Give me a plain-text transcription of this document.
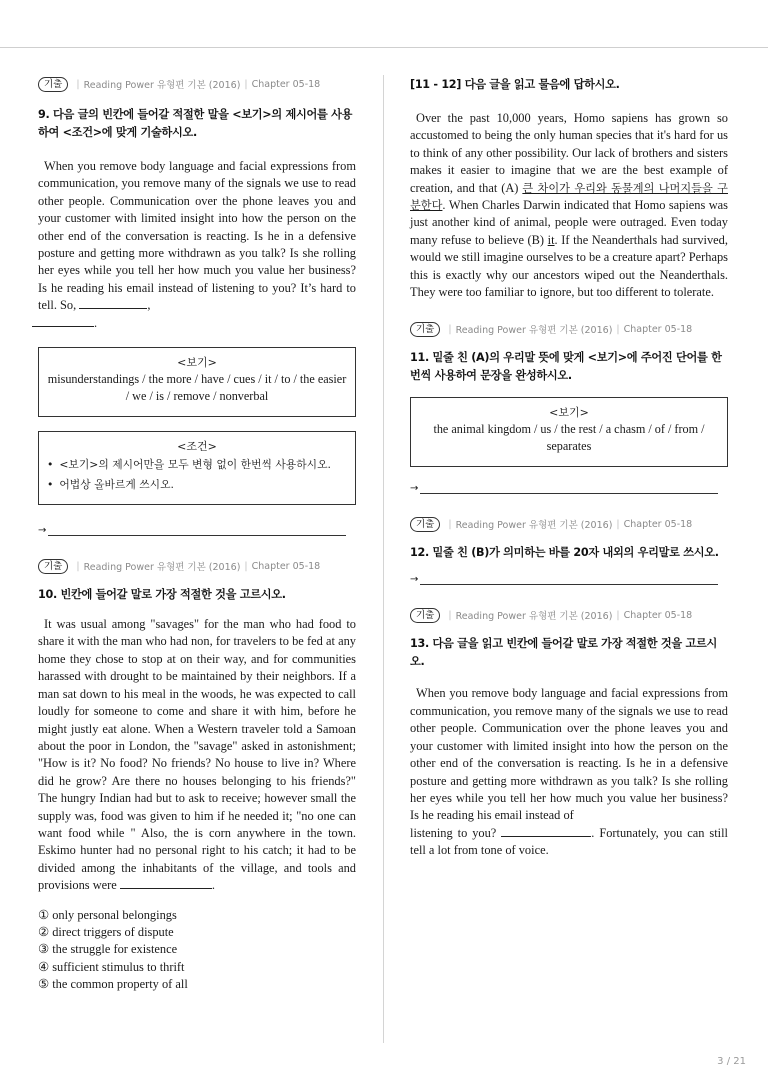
기출	| Reading Power 유형편 기본 (2016) | Chapter 05-18
9. 다음 글의 빈칸에 들어갈 적절한 말을 <보기>의 제시어를 사용하여 <조건>에 맞게 기술하시오.

When you remove body language and facial expressions from communication, you remove many of the signals we use to read other people. Communication over the phone leaves you and your customer with limited insight into how the person on the other end of the conversation is reacting. Is he in a defensive posture and getting more withdrawn as you talk? Is she rolling her eyes while you tell her how much you value her business? Is he reading his email instead of listening to you? It’s hard to tell. So,	,
.

<보기>
misunderstandings / the more / have / cues / it / to / the easier / we / is / remove / nonverbal
<조건>
• <보기>의 제시어만을 모두 변형 없이 한번씩 사용하시오.
• 어법상 올바르게 쓰시오.
→
기출	| Reading Power 유형편 기본 (2016) | Chapter 05-18
10. 빈칸에 들어갈 말로 가장 적절한 것을 고르시오.

It was usual among "savages" for the man who had food to share it with the man who had non, for travelers to be fed at any home they chose to stop at on their way, and for communities harassed with drought to be maintained by their neighbors. If a man sat down to his meal in the woods, he was expected to call loudly for someone to come and share it with him, before he might justly eat alone. When a Western traveler told a Samoan about the poor in London, the "savage" asked in astonishment; "How is it? No food? No friends? No house to live in? Where did he grow? Are there no houses belonging to his friends?" The hungry Indian had but to ask to receive; however small the supply was, food was given to him if he needed it; "no one can want food while " Also, the is corn anywhere in the town. Eskimo hunter had no personal right to his catch; it had to be divided among the inhabitants of the village, and tools and provisions were	.

① only personal belongings
② direct triggers of dispute
③ the struggle for existence
④ sufficient stimulus to thrift
⑤ the common property of all
[11 - 12] 다음 글을 읽고 물음에 답하시오.

Over the past 10,000 years, Homo sapiens has grown so accustomed to being the only human species that it's hard for us to think of any other possibility. Our lack of brothers and sisters makes it easier to imagine that we are the best example of creation, and that (A) 큰 차이가 우리와 동물계의 나머지들을 구분한다. When Charles Darwin indicated that Homo sapiens was just another kind of animal, people were outraged. Even today many refuse to believe (B) it. If the Neanderthals had survived, would we still imagine ourselves to be a creature apart? Perhaps this is exactly why our ancestors wiped out the Neanderthals. They were too familiar to ignore, but too different to tolerate.

기출	| Reading Power 유형편 기본 (2016) | Chapter 05-18
11. 밑줄 친 (A)의 우리말 뜻에 맞게 <보기>에 주어진 단어를 한 번씩 사용하여 문장을 완성하시오.
<보기>
the animal kingdom / us / the rest / a chasm / of / from / separates
→
기출	| Reading Power 유형편 기본 (2016) | Chapter 05-18
12. 밑줄 친 (B)가 의미하는 바를 20자 내외의 우리말로 쓰시오.
→
기출	| Reading Power 유형편 기본 (2016) | Chapter 05-18
13. 다음 글을 읽고 빈칸에 들어갈 말로 가장 적절한 것을 고르시오.

When you remove body language and facial expressions from communication, you remove many of the signals we use to read other people. Communication over the phone leaves you and your customer with limited insight into how the person on the other end of the conversation is reacting. Is he in a defensive posture and getting more withdrawn as you talk? Is she rolling her eyes while you tell her how much you value her business? Is he reading his email instead of

listening to you?	. Fortunately, you can still tell a lot from tone of voice.
3 / 21
